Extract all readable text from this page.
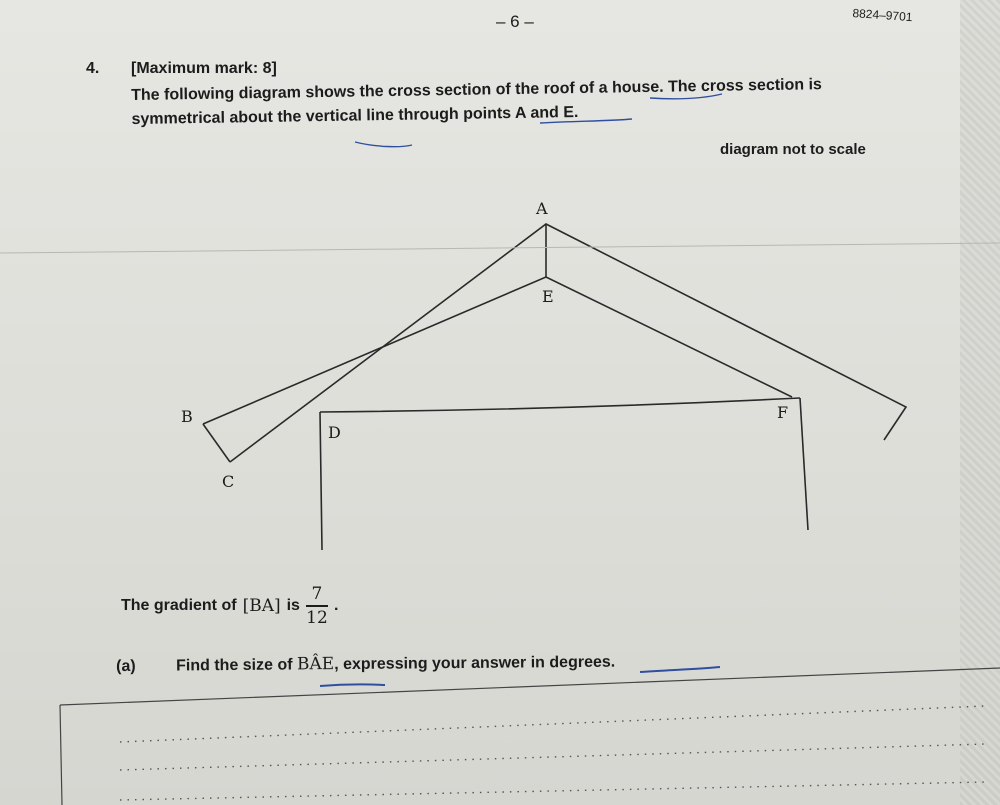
– 6 –	8824–9701
4. [Maximum mark: 8]
The following diagram shows the cross section of the roof of a house. The cross section is symmetrical about the vertical line through points A and E.
diagram not to scale
A
E
B
C
D
F
The gradient of [BA] is $\frac{7}{12}$ .
(a)	Find the size of BÂE, expressing your answer in degrees.
